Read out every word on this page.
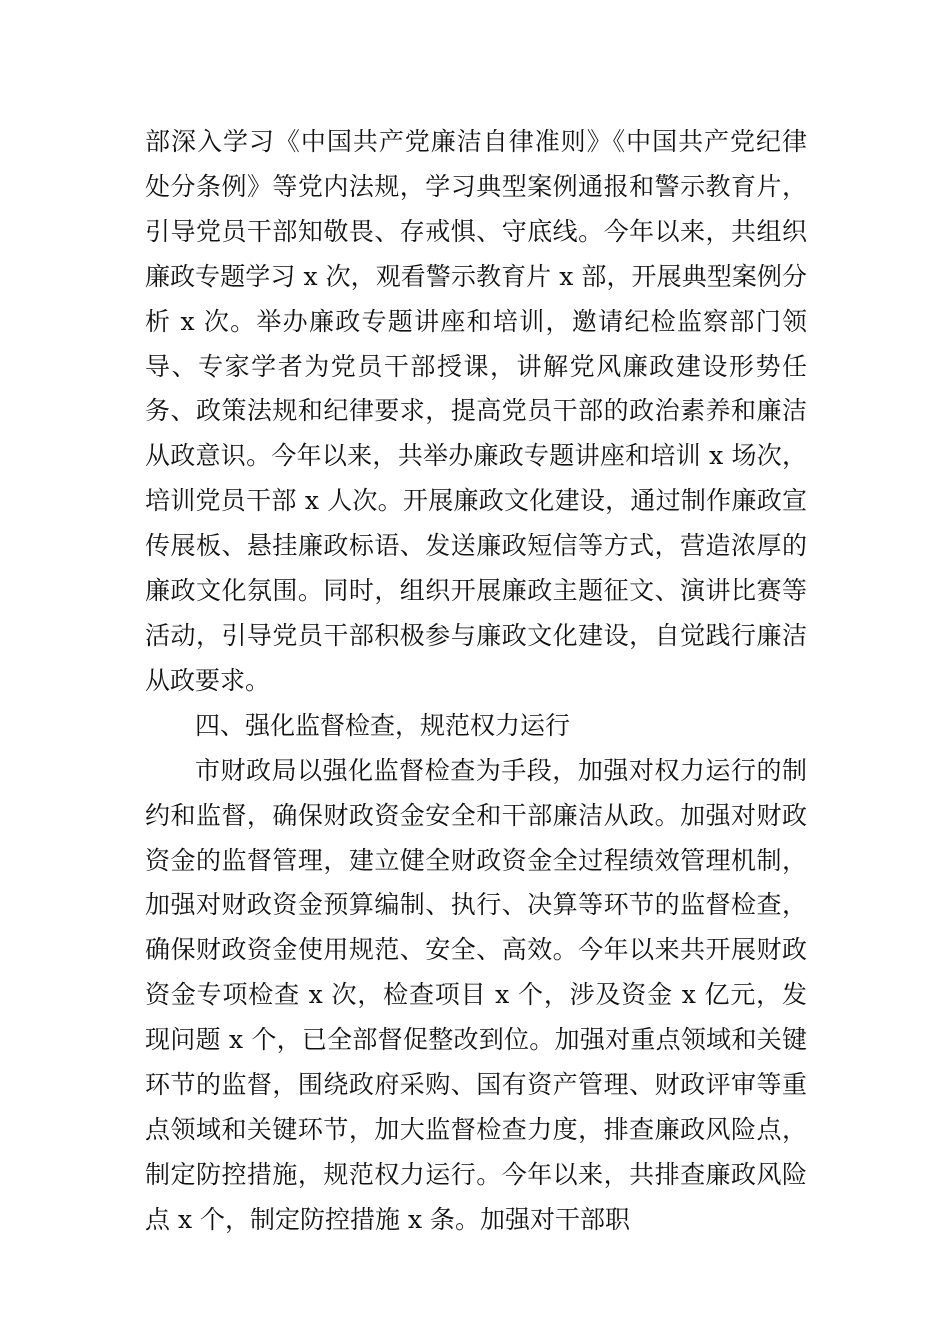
部深入学习《中国共产党廉洁自律准则》《中国共产党纪律处分条例》等党内法规，学习典型案例通报和警示教育片，引导党员干部知敬畏、存戒惧、守底线。今年以来，共组织廉政专题学习 x 次，观看警示教育片 x 部，开展典型案例分析 x 次。举办廉政专题讲座和培训，邀请纪检监察部门领导、专家学者为党员干部授课，讲解党风廉政建设形势任务、政策法规和纪律要求，提高党员干部的政治素养和廉洁从政意识。今年以来，共举办廉政专题讲座和培训 x 场次，培训党员干部 x 人次。开展廉政文化建设，通过制作廉政宣传展板、悬挂廉政标语、发送廉政短信等方式，营造浓厚的廉政文化氛围。同时，组织开展廉政主题征文、演讲比赛等活动，引导党员干部积极参与廉政文化建设，自觉践行廉洁从政要求。

四、强化监督检查，规范权力运行

市财政局以强化监督检查为手段，加强对权力运行的制约和监督，确保财政资金安全和干部廉洁从政。加强对财政资金的监督管理，建立健全财政资金全过程绩效管理机制，加强对财政资金预算编制、执行、决算等环节的监督检查，确保财政资金使用规范、安全、高效。今年以来共开展财政资金专项检查 x 次，检查项目 x 个，涉及资金 x 亿元，发现问题 x 个，已全部督促整改到位。加强对重点领域和关键环节的监督，围绕政府采购、国有资产管理、财政评审等重点领域和关键环节，加大监督检查力度，排查廉政风险点，制定防控措施，规范权力运行。今年以来，共排查廉政风险点 x 个，制定防控措施 x 条。加强对干部职
